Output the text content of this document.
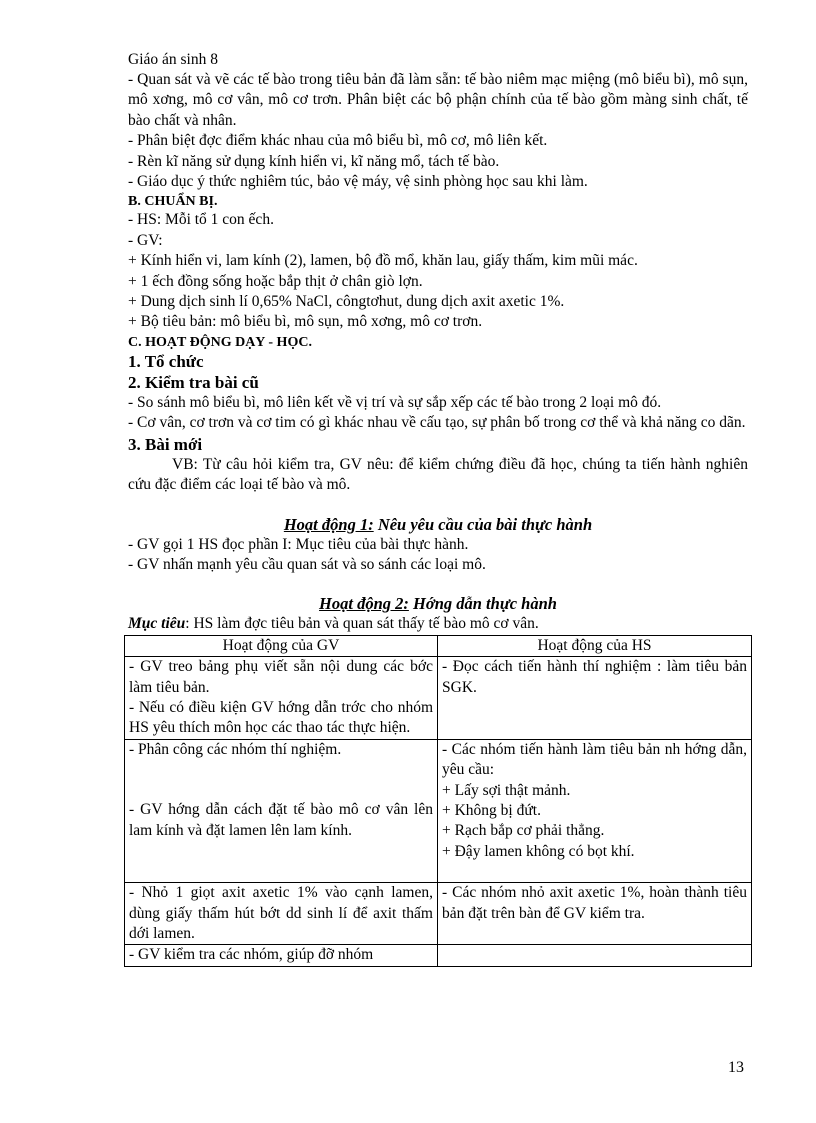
Giáo án sinh 8

- Quan sát và vẽ các tế bào trong tiêu bản đã làm sẵn: tế bào niêm mạc miệng (mô biểu bì), mô sụn, mô xơng, mô cơ vân, mô cơ trơn. Phân biệt các bộ phận chính của tế bào gồm màng sinh chất, tế bào chất và nhân.

- Phân biệt đợc điểm khác nhau của mô biểu bì, mô cơ, mô liên kết.

- Rèn kĩ năng sử dụng kính hiển vi, kĩ năng mổ, tách tế bào.

- Giáo dục ý thức nghiêm túc, bảo vệ máy, vệ sinh phòng học sau khi làm.

B. CHUẨN BỊ.

- HS: Mỗi tổ 1 con ếch.

- GV:

+ Kính hiển vi, lam kính (2), lamen, bộ đồ mổ, khăn lau, giấy thấm, kim mũi mác.

+ 1 ếch đồng sống hoặc bắp thịt ở chân giò lợn.

+ Dung dịch sinh lí 0,65% NaCl, côngtơhut, dung dịch axit axetic 1%.

+ Bộ tiêu bản: mô biểu bì, mô sụn, mô xơng, mô cơ trơn.

C. HOẠT ĐỘNG DẠY - HỌC.
1. Tổ chức
2. Kiểm tra bài cũ

- So sánh mô biểu bì, mô liên kết về vị trí và sự sắp xếp các tế bào trong 2 loại mô đó.

- Cơ vân, cơ trơn và cơ tim có gì khác nhau về cấu tạo, sự phân bố trong cơ thể và khả năng co dãn.

3. Bài mới

VB: Từ câu hỏi kiểm tra, GV nêu: để kiểm chứng điều đã học, chúng ta tiến hành nghiên cứu đặc điểm các loại tế bào và mô.

Hoạt động 1: Nêu yêu cầu của bài thực hành

- GV gọi 1 HS đọc phần I: Mục tiêu của bài thực hành.

- GV nhấn mạnh yêu cầu quan sát và so sánh các loại mô.

Hoạt động 2: Hớng dẫn thực hành

Mục tiêu: HS làm đợc tiêu bản và quan sát thấy tế bào mô cơ vân.

Hoạt động của GV	Hoạt động của HS

- GV treo bảng phụ viết sẵn nội dung các bớc làm tiêu bản.
- Nếu có điều kiện GV hớng dẫn trớc cho nhóm HS yêu thích môn học các thao tác thực hiện.	- Đọc cách tiến hành thí nghiệm : làm tiêu bản SGK.

- Phân công các nhóm thí nghiệm.
- GV hớng dẫn cách đặt tế bào mô cơ vân lên lam kính và đặt lamen lên lam kính.	- Các nhóm tiến hành làm tiêu bản nh hớng dẫn, yêu cầu:
+ Lấy sợi thật mảnh.
+ Không bị đứt.
+ Rạch bắp cơ phải thẳng.
+ Đậy lamen không có bọt khí.

- Nhỏ 1 giọt axit axetic 1% vào cạnh lamen, dùng giấy thấm hút bớt dd sinh lí để axit thấm dới lamen.	- Các nhóm nhỏ axit axetic 1%, hoàn thành tiêu bản đặt trên bàn để GV kiểm tra.

- GV kiểm tra các nhóm, giúp đỡ nhóm	

13
